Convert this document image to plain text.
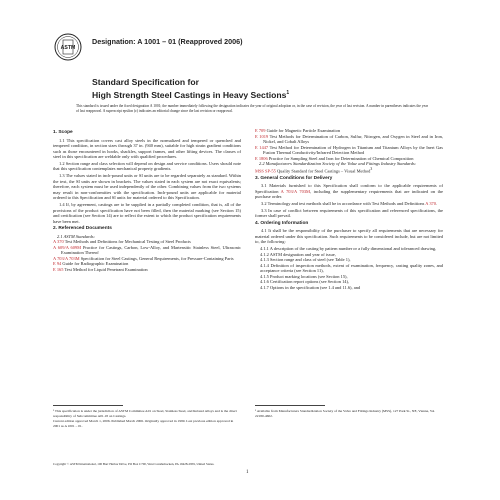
ASTM
Designation: A 1001 – 01 (Reapproved 2006)
Standard Specification for
High Strength Steel Castings in Heavy Sections$^1$
This standard is issued under the fixed designation A 1001; the number immediately following the designation indicates the year of original adoption or, in the case of revision, the year of last revision. A number in parentheses indicates the year of last reapproval. A superscript epsilon (ε) indicates an editorial change since the last revision or reapproval.
1. Scope

1.1 This specification covers cast alloy steels in the normalized and tempered or quenched and tempered condition, in section sizes through 37 in. (940 mm), suitable for high strain gradient conditions such as those encountered in hooks, shackles, support frames, and other lifting devices. The classes of steel in this specification are weldable only with qualified procedures.

1.2 Section range and class selection will depend on design and service conditions. Users should note that this specification contemplates mechanical property gradients.

1.3 The values stated in inch-pound units or SI units are to be regarded separately as standard. Within the text, the SI units are shown in brackets. The values stated in each system are not exact equivalents; therefore, each system must be used independently of the other. Combining values from the two systems may result in non-conformities with the specification. Inch-pound units are applicable for material ordered to this Specification and SI units for material ordered to this Specification.

1.4 If, by agreement, castings are to be supplied in a partially completed condition, that is, all of the provisions of the product specification have not been filled, then the material marking (see Section 15) and certification (see Section 14) are to reflect the extent to which the product specification requirements have been met.

2. Referenced Documents

2.1 ASTM Standards:

A 370 Test Methods and Definitions for Mechanical Testing of Steel Products

A 609/A 609M Practice for Castings, Carbon, Low-Alloy, and Martensitic Stainless Steel, Ultrasonic Examination Thereof

A 703/A 703M Specification for Steel Castings, General Requirements, for Pressure-Containing Parts

E 94 Guide for Radiographic Examination

E 165 Test Method for Liquid Penetrant Examination

E 709 Guide for Magnetic Particle Examination

E 1019 Test Methods for Determination of Carbon, Sulfur, Nitrogen, and Oxygen in Steel and in Iron, Nickel, and Cobalt Alloys

E 1447 Test Method for Determination of Hydrogen in Titanium and Titanium Alloys by the Inert Gas Fusion Thermal Conductivity/Infrared Detection Method

E 1806 Practice for Sampling Steel and Iron for Determination of Chemical Composition

2.2 Manufacturers Standardization Society of the Value and Fittings Industry Standards:

MSS SP-55 Quality Standard for Steel Castings – Visual Method$^3$

3. General Conditions for Delivery

3.1 Materials furnished to this Specification shall conform to the applicable requirements of Specification A 703/A 703M, including the supplementary requirements that are indicated on the purchase order.

3.2 Terminology and test methods shall be in accordance with Test Methods and Definitions A 370.

3.3 In case of conflict between requirements of this specification and referenced specifications, the former shall prevail.

4. Ordering Information

4.1 It shall be the responsibility of the purchaser to specify all requirements that are necessary for material ordered under this specification. Such requirements to be considered include, but are not limited to, the following:

4.1.1 A description of the casting by pattern number or a fully dimensional and toleranced drawing,

4.1.2 ASTM designation and year of issue,

4.1.3 Section range and class of steel (see Table 1),

4.1.4 Definition of inspection methods, extent of examination, frequency, casting quality zones, and acceptance criteria (see Section 11),

4.1.5 Product marking locations (see Section 15),

4.1.6 Certification report options (see Section 14),

4.1.7 Options in the specification (see 1.4 and 11.6), and

¹ This specification is under the jurisdiction of ASTM Committee A01 on Steel, Stainless Steel, and Related Alloys and is the direct responsibility of Subcommittee A01.18 on Castings.

Current edition approved March 1, 2006. Published March 2006. Originally approved in 1999. Last previous edition approved in 2001 as A 1001 – 01.

³ Available from Manufacturers Standardization Society of the Valve and Fittings Industry (MSS), 127 Park St., NE, Vienna, VA 22180-4602.

Copyright © ASTM International, 100 Barr Harbor Drive, PO Box C700, West Conshohocken, PA 19428-2959, United States.
1
